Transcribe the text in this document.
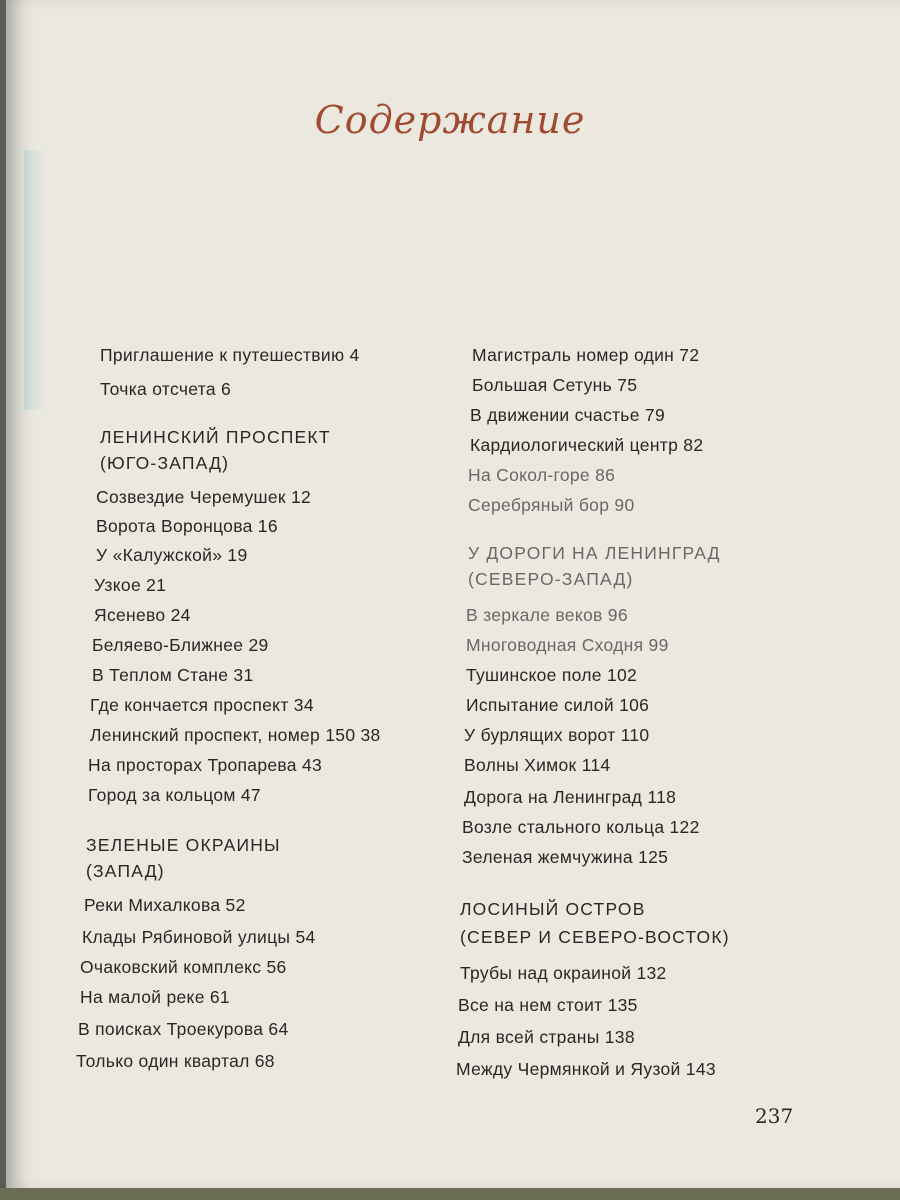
Содержание
Приглашение к путешествию 4
Точка отсчета 6
ЛЕНИНСКИЙ ПРОСПЕКТ
(ЮГО-ЗАПАД)
Созвездие Черемушек 12
Ворота Воронцова 16
У «Калужской» 19
Узкое 21
Ясенево 24
Беляево-Ближнее 29
В Теплом Стане 31
Где кончается проспект 34
Ленинский проспект, номер 150 38
На просторах Тропарева 43
Город за кольцом 47
ЗЕЛЕНЫЕ ОКРАИНЫ
(ЗАПАД)
Реки Михалкова 52
Клады Рябиновой улицы 54
Очаковский комплекс 56
На малой реке 61
В поисках Троекурова 64
Только один квартал 68
Магистраль номер один 72
Большая Сетунь 75
В движении счастье 79
Кардиологический центр 82
На Сокол-горе 86
Серебряный бор 90
У ДОРОГИ НА ЛЕНИНГРАД
(СЕВЕРО-ЗАПАД)
В зеркале веков 96
Многоводная Сходня 99
Тушинское поле 102
Испытание силой 106
У бурлящих ворот 110
Волны Химок 114
Дорога на Ленинград 118
Возле стального кольца 122
Зеленая жемчужина 125
ЛОСИНЫЙ ОСТРОВ
(СЕВЕР И СЕВЕРО-ВОСТОК)
Трубы над окраиной 132
Все на нем стоит 135
Для всей страны 138
Между Чермянкой и Яузой 143

237
